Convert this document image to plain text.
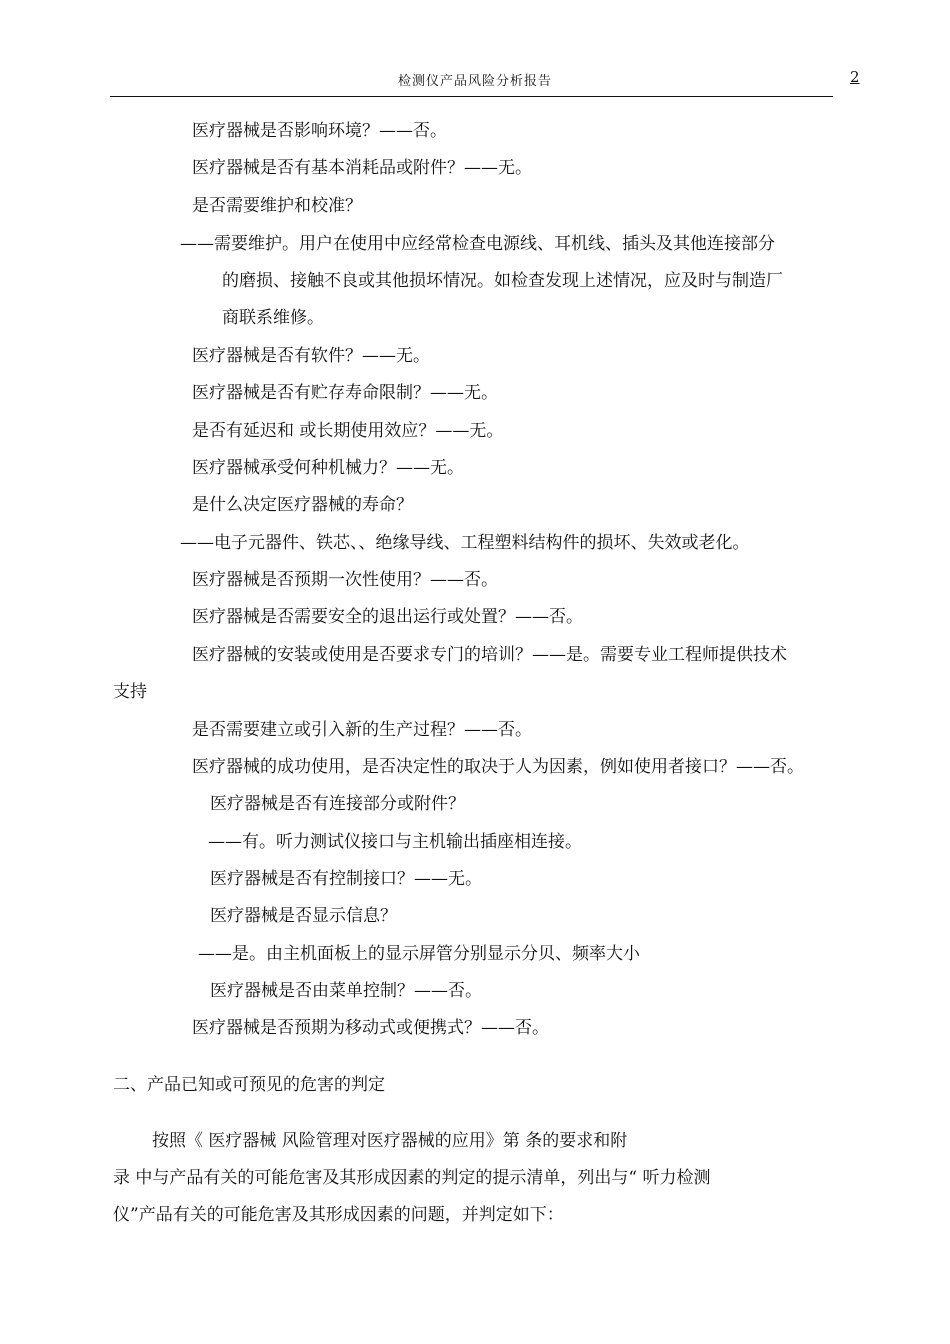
检测仪产品风险分析报告	2
医疗器械是否影响环境？——否。
医疗器械是否有基本消耗品或附件？——无。
是否需要维护和校准？
——需要维护。用户在使用中应经常检查电源线、耳机线、插头及其他连接部分
的磨损、接触不良或其他损坏情况。如检查发现上述情况，应及时与制造厂
商联系维修。
医疗器械是否有软件？——无。
医疗器械是否有贮存寿命限制？——无。
是否有延迟和 或长期使用效应？——无。
医疗器械承受何种机械力？——无。
是什么决定医疗器械的寿命？
——电子元器件、铁芯、、绝缘导线、工程塑料结构件的损坏、失效或老化。
医疗器械是否预期一次性使用？——否。
医疗器械是否需要安全的退出运行或处置？——否。
医疗器械的安装或使用是否要求专门的培训？——是。需要专业工程师提供技术
支持
是否需要建立或引入新的生产过程？——否。
医疗器械的成功使用，是否决定性的取决于人为因素，例如使用者接口？——否。
医疗器械是否有连接部分或附件？
——有。听力测试仪接口与主机输出插座相连接。
医疗器械是否有控制接口？——无。
医疗器械是否显示信息？
——是。由主机面板上的显示屏管分别显示分贝、频率大小
医疗器械是否由菜单控制？——否。
医疗器械是否预期为移动式或便携式？——否。
二、产品已知或可预见的危害的判定
按照《 医疗器械 风险管理对医疗器械的应用》第 条的要求和附
录 中与产品有关的可能危害及其形成因素的判定的提示清单，列出与“ 听力检测
仪”产品有关的可能危害及其形成因素的问题，并判定如下：
